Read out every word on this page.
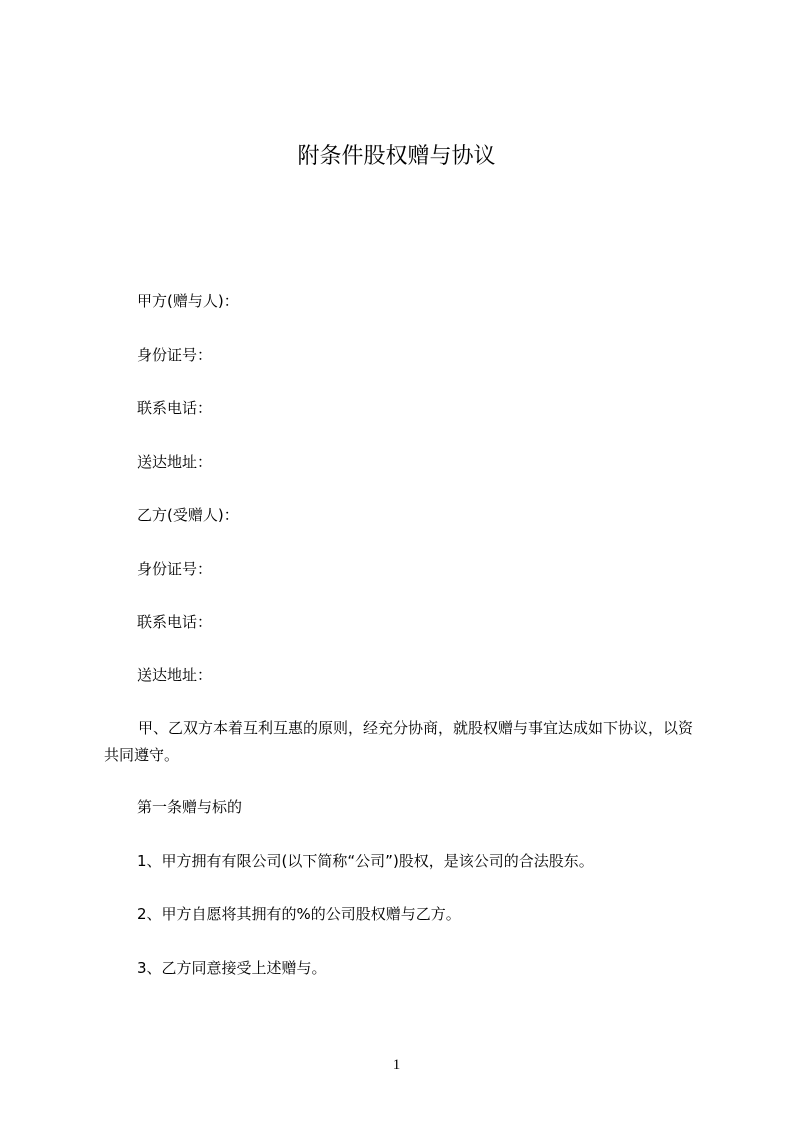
附条件股权赠与协议
甲方(赠与人)：
身份证号：
联系电话：
送达地址：
乙方(受赠人)：
身份证号：
联系电话：
送达地址：
甲、乙双方本着互利互惠的原则，经充分协商，就股权赠与事宜达成如下协议，以资共同遵守。
第一条赠与标的
1、甲方拥有有限公司(以下简称“公司”)股权，是该公司的合法股东。
2、甲方自愿将其拥有的%的公司股权赠与乙方。
3、乙方同意接受上述赠与。
1
